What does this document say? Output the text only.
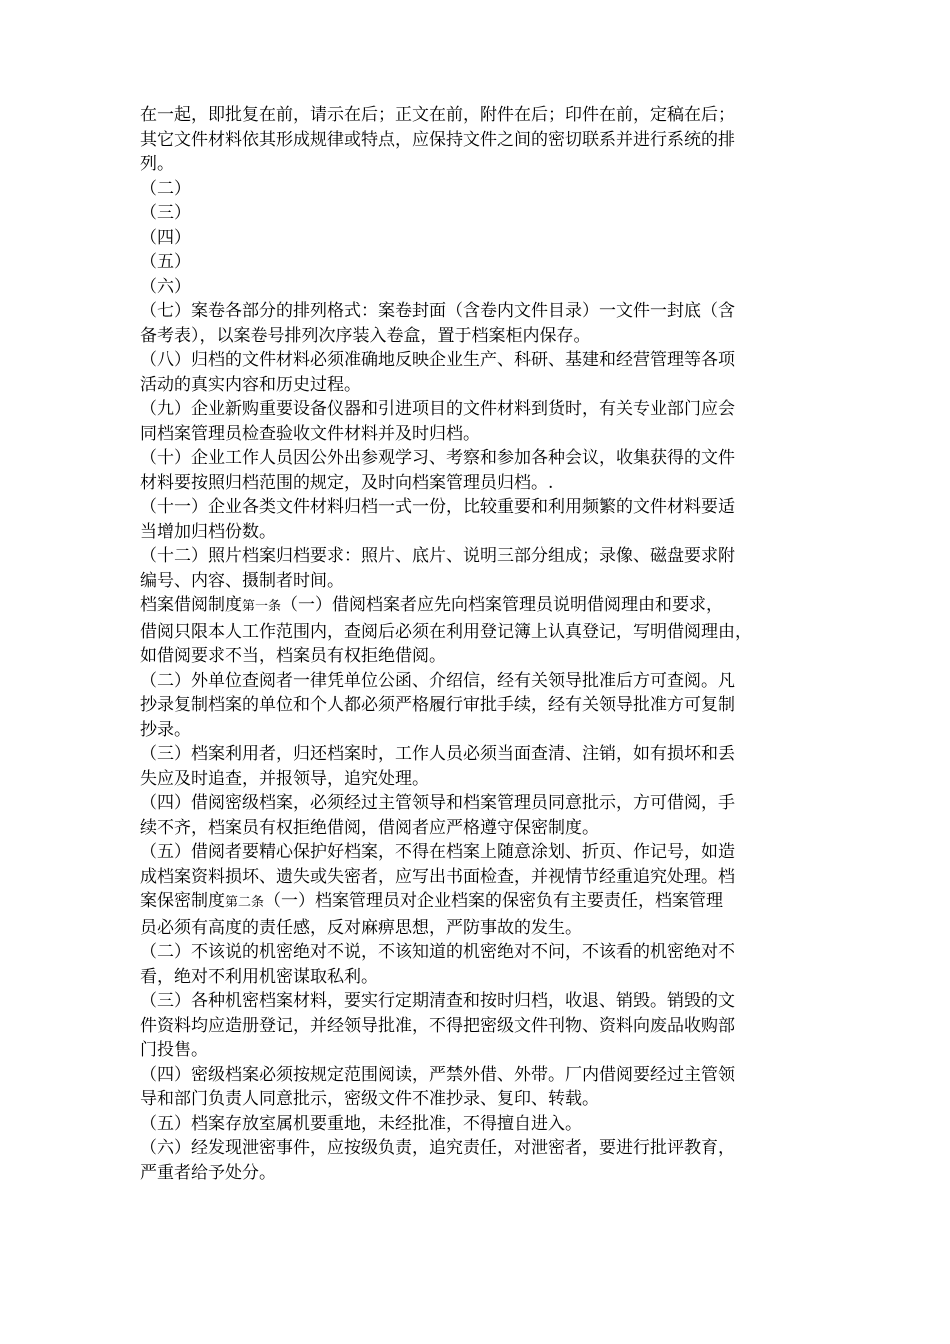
在一起，即批复在前，请示在后；正文在前，附件在后；印件在前，定稿在后；
其它文件材料依其形成规律或特点，应保持文件之间的密切联系并进行系统的排
列。
（二）
（三）
（四）
（五）
（六）
（七）案卷各部分的排列格式：案卷封面（含卷内文件目录）一文件一封底（含
备考表），以案卷号排列次序装入卷盒，置于档案柜内保存。
（八）归档的文件材料必须准确地反映企业生产、科研、基建和经营管理等各项
活动的真实内容和历史过程。
（九）企业新购重要设备仪器和引进项目的文件材料到货时，有关专业部门应会
同档案管理员检查验收文件材料并及时归档。
（十）企业工作人员因公外出参观学习、考察和参加各种会议，收集获得的文件
材料要按照归档范围的规定，及时向档案管理员归档。.
（十一）企业各类文件材料归档一式一份，比较重要和利用频繁的文件材料要适
当增加归档份数。
（十二）照片档案归档要求：照片、底片、说明三部分组成；录像、磁盘要求附
编号、内容、摄制者时间。
档案借阅制度第一条（一）借阅档案者应先向档案管理员说明借阅理由和要求，
借阅只限本人工作范围内，查阅后必须在利用登记簿上认真登记，写明借阅理由，
如借阅要求不当，档案员有权拒绝借阅。
（二）外单位查阅者一律凭单位公函、介绍信，经有关领导批准后方可查阅。凡
抄录复制档案的单位和个人都必须严格履行审批手续，经有关领导批准方可复制
抄录。
（三）档案利用者，归还档案时，工作人员必须当面查清、注销，如有损坏和丢
失应及时追查，并报领导，追究处理。
（四）借阅密级档案，必须经过主管领导和档案管理员同意批示，方可借阅，手
续不齐，档案员有权拒绝借阅，借阅者应严格遵守保密制度。
（五）借阅者要精心保护好档案，不得在档案上随意涂划、折页、作记号，如造
成档案资料损坏、遗失或失密者，应写出书面检查，并视情节经重追究处理。档
案保密制度第二条（一）档案管理员对企业档案的保密负有主要责任，档案管理
员必须有高度的责任感，反对麻痹思想，严防事故的发生。
（二）不该说的机密绝对不说，不该知道的机密绝对不问，不该看的机密绝对不
看，绝对不利用机密谋取私利。
（三）各种机密档案材料，要实行定期清查和按时归档，收退、销毁。销毁的文
件资料均应造册登记，并经领导批准，不得把密级文件刊物、资料向废品收购部
门投售。
（四）密级档案必须按规定范围阅读，严禁外借、外带。厂内借阅要经过主管领
导和部门负责人同意批示，密级文件不准抄录、复印、转载。
（五）档案存放室属机要重地，未经批准，不得擅自进入。
（六）经发现泄密事件，应按级负责，追究责任，对泄密者，要进行批评教育，
严重者给予处分。
